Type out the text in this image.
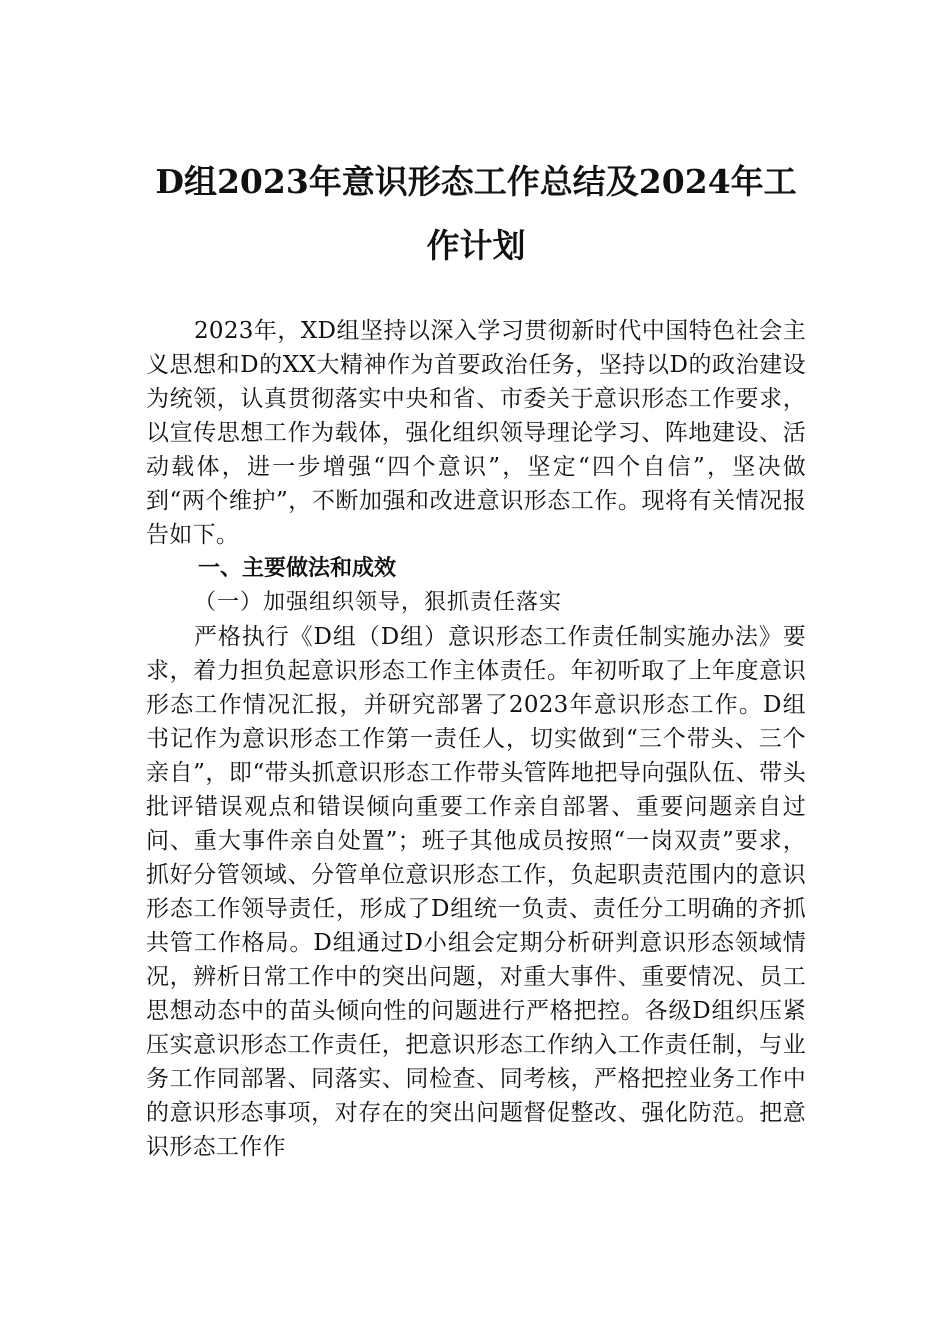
D组2023年意识形态工作总结及2024年工作计划

2023年，XD组坚持以深入学习贯彻新时代中国特色社会主义思想和D的XX大精神作为首要政治任务，坚持以D的政治建设为统领，认真贯彻落实中央和省、市委关于意识形态工作要求，以宣传思想工作为载体，强化组织领导理论学习、阵地建设、活动载体，进一步增强“四个意识”，坚定“四个自信”，坚决做到“两个维护”，不断加强和改进意识形态工作。现将有关情况报告如下。

一、主要做法和成效

（一）加强组织领导，狠抓责任落实

严格执行《D组（D组）意识形态工作责任制实施办法》要求，着力担负起意识形态工作主体责任。年初听取了上年度意识形态工作情况汇报，并研究部署了2023年意识形态工作。D组书记作为意识形态工作第一责任人，切实做到“三个带头、三个亲自”，即“带头抓意识形态工作带头管阵地把导向强队伍、带头批评错误观点和错误倾向重要工作亲自部署、重要问题亲自过问、重大事件亲自处置”；班子其他成员按照“一岗双责”要求，抓好分管领域、分管单位意识形态工作，负起职责范围内的意识形态工作领导责任，形成了D组统一负责、责任分工明确的齐抓共管工作格局。D组通过D小组会定期分析研判意识形态领域情况，辨析日常工作中的突出问题，对重大事件、重要情况、员工思想动态中的苗头倾向性的问题进行严格把控。各级D组织压紧压实意识形态工作责任，把意识形态工作纳入工作责任制，与业务工作同部署、同落实、同检查、同考核，严格把控业务工作中的意识形态事项，对存在的突出问题督促整改、强化防范。把意识形态工作作
